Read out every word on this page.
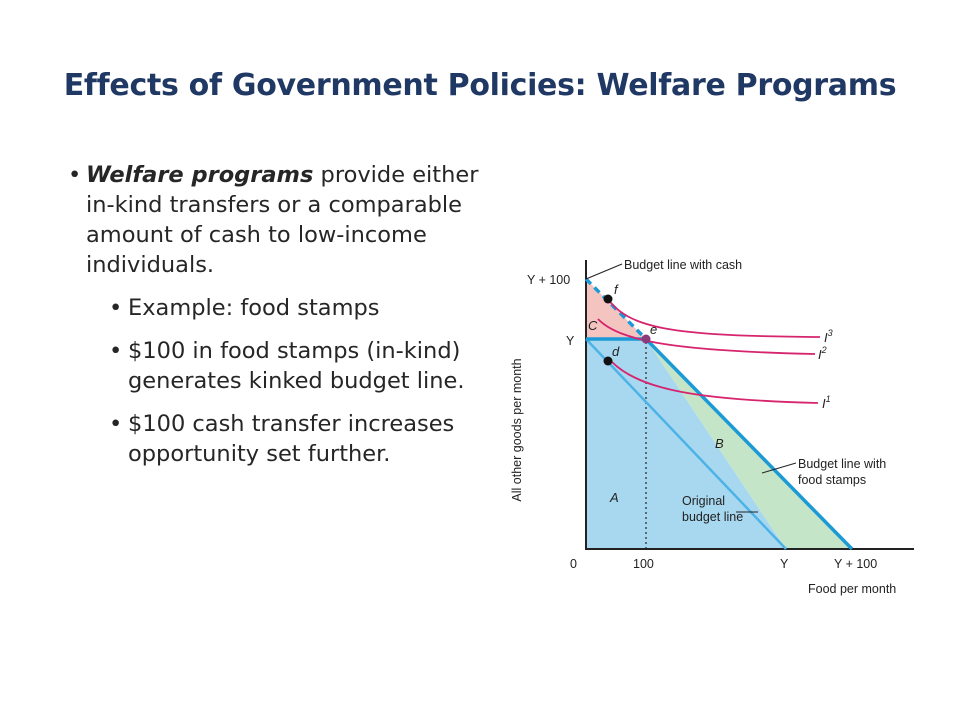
Effects of Government Policies: Welfare Programs
• Welfare programs provide either in-kind transfers or a comparable amount of cash to low-income individuals.
• Example: food stamps
• $100 in food stamps (in-kind) generates kinked budget line.
• $100 cash transfer increases opportunity set further.	All other goods per month
Food per month
Y + 100
Y
0	100	Y	Y + 100
Budget line with cash
Budget line with
food stamps
Original
budget line
A
B
C
f
e
d
$I^3$
$I^2$
$I^1$
